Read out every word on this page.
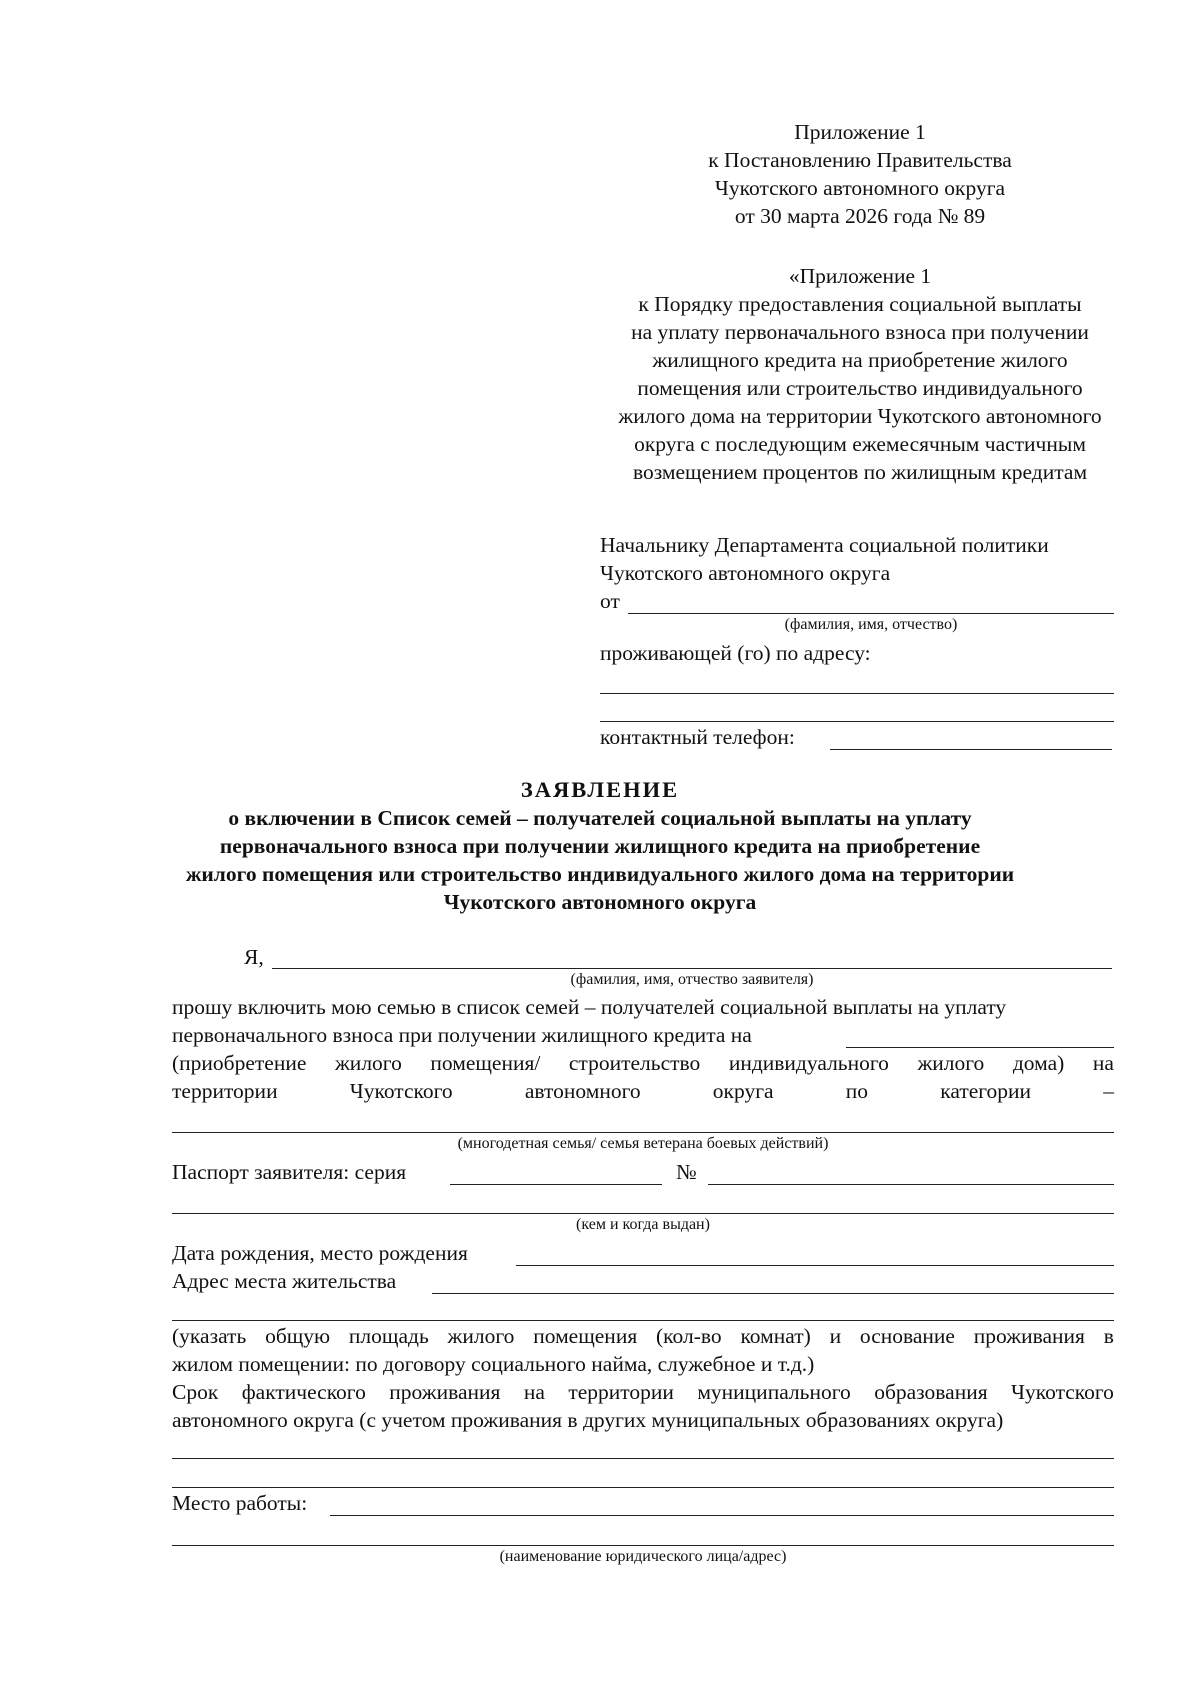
Приложение 1
к Постановлению Правительства
Чукотского автономного округа
от 30 марта 2026 года № 89
«Приложение 1
к Порядку предоставления социальной выплаты
на уплату первоначального взноса при получении
жилищного кредита на приобретение жилого
помещения или строительство индивидуального
жилого дома на территории Чукотского автономного
округа с последующим ежемесячным частичным
возмещением процентов по жилищным кредитам
Начальнику Департамента социальной политики
Чукотского автономного округа
от
(фамилия, имя, отчество)
проживающей (го) по адресу:
контактный телефон:
ЗАЯВЛЕНИЕ
о включении в Список семей – получателей социальной выплаты на уплату
первоначального взноса при получении жилищного кредита на приобретение
жилого помещения или строительство индивидуального жилого дома на территории
Чукотского автономного округа
Я,
(фамилия, имя, отчество заявителя)
прошу включить мою семью в список семей – получателей социальной выплаты на уплату
первоначального взноса при получении жилищного кредита на
(приобретение жилого помещения/ строительство индивидуального жилого дома) на
территории	Чукотского	автономного	округа	по	категории	–
(многодетная семья/ семья ветерана боевых действий)
Паспорт заявителя: серия	№
(кем и когда выдан)
Дата рождения, место рождения
Адрес места жительства
(указать общую площадь жилого помещения (кол-во комнат) и основание проживания в
жилом помещении: по договору социального найма, служебное и т.д.)
Срок фактического проживания на территории муниципального образования Чукотского
автономного округа (с учетом проживания в других муниципальных образованиях округа)
Место работы:
(наименование юридического лица/адрес)
